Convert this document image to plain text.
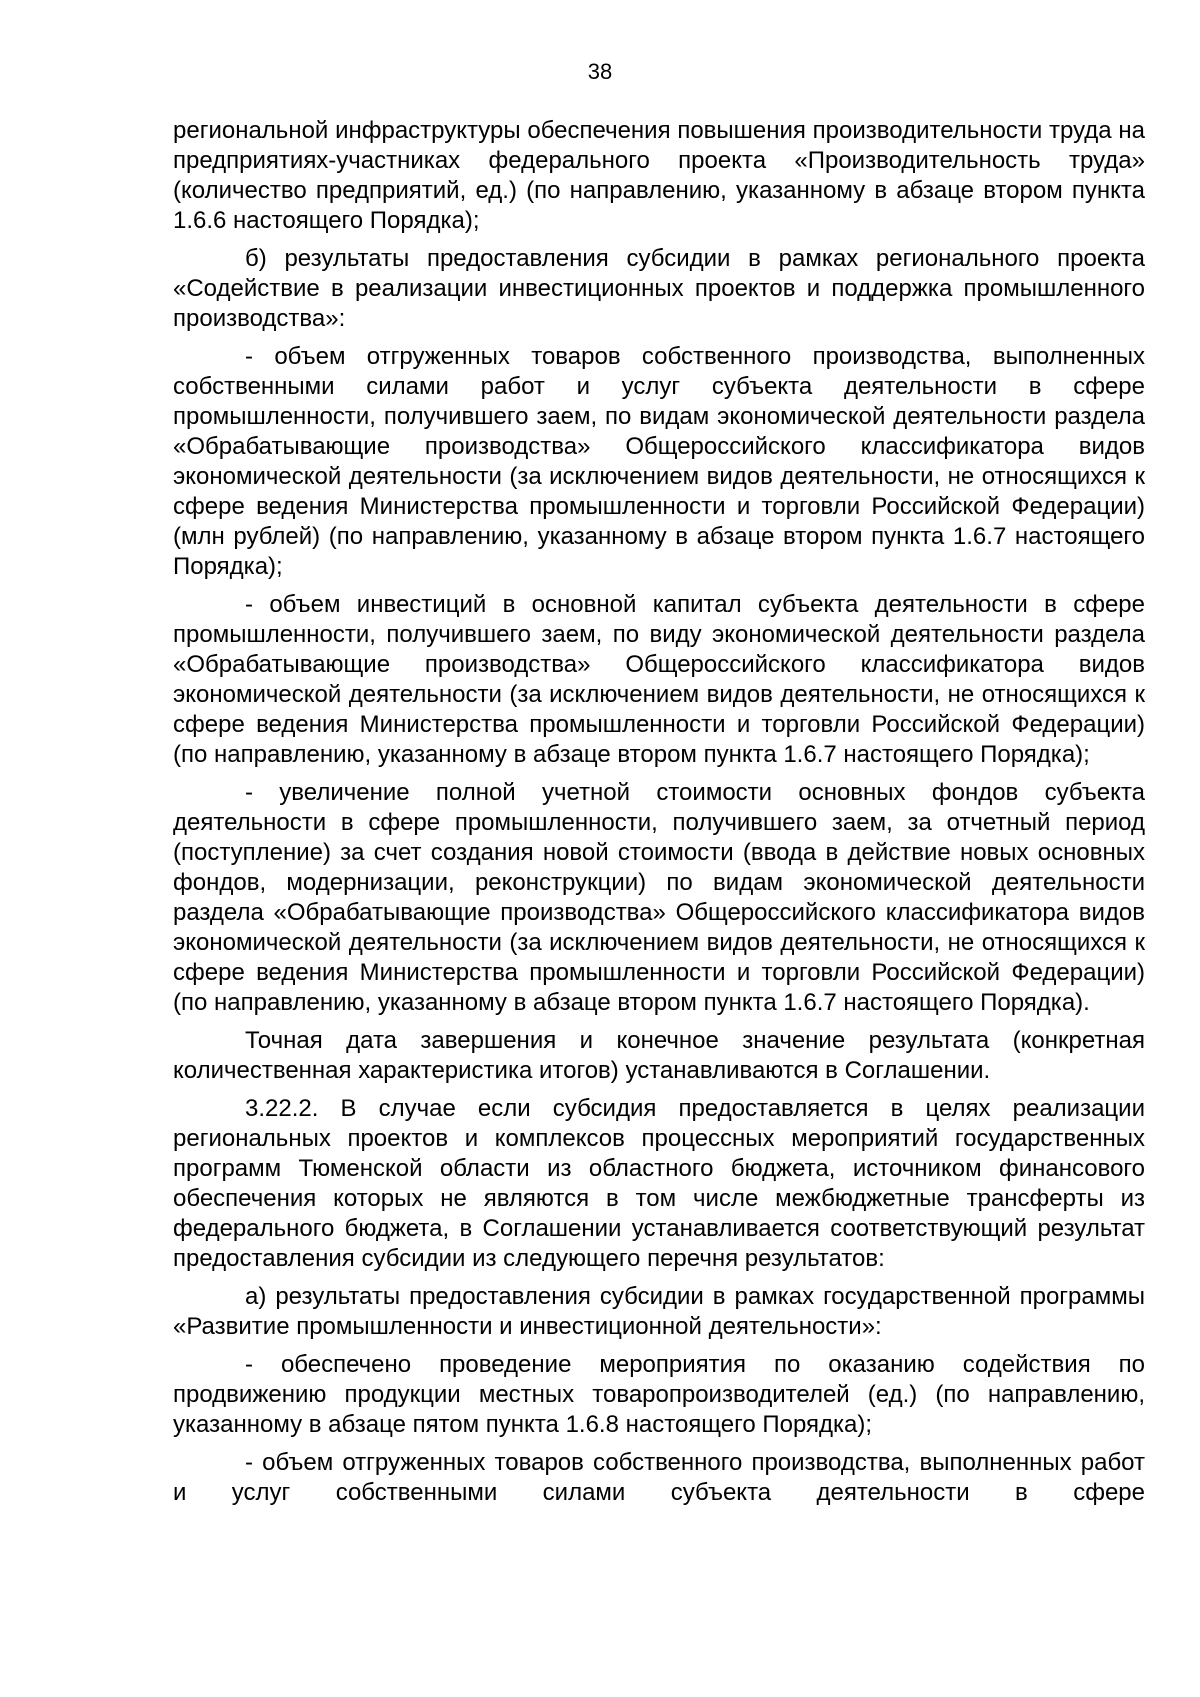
38

региональной инфраструктуры обеспечения повышения производительности труда на предприятиях-участниках федерального проекта «Производительность труда» (количество предприятий, ед.) (по направлению, указанному в абзаце втором пункта 1.6.6 настоящего Порядка);

б) результаты предоставления субсидии в рамках регионального проекта «Содействие в реализации инвестиционных проектов и поддержка промышленного производства»:

- объем отгруженных товаров собственного производства, выполненных собственными силами работ и услуг субъекта деятельности в сфере промышленности, получившего заем, по видам экономической деятельности раздела «Обрабатывающие производства» Общероссийского классификатора видов экономической деятельности (за исключением видов деятельности, не относящихся к сфере ведения Министерства промышленности и торговли Российской Федерации) (млн рублей) (по направлению, указанному в абзаце втором пункта 1.6.7 настоящего Порядка);

- объем инвестиций в основной капитал субъекта деятельности в сфере промышленности, получившего заем, по виду экономической деятельности раздела «Обрабатывающие производства» Общероссийского классификатора видов экономической деятельности (за исключением видов деятельности, не относящихся к сфере ведения Министерства промышленности и торговли Российской Федерации) (по направлению, указанному в абзаце втором пункта 1.6.7 настоящего Порядка);

- увеличение полной учетной стоимости основных фондов субъекта деятельности в сфере промышленности, получившего заем, за отчетный период (поступление) за счет создания новой стоимости (ввода в действие новых основных фондов, модернизации, реконструкции) по видам экономической деятельности раздела «Обрабатывающие производства» Общероссийского классификатора видов экономической деятельности (за исключением видов деятельности, не относящихся к сфере ведения Министерства промышленности и торговли Российской Федерации) (по направлению, указанному в абзаце втором пункта 1.6.7 настоящего Порядка).

Точная дата завершения и конечное значение результата (конкретная количественная характеристика итогов) устанавливаются в Соглашении.

3.22.2. В случае если субсидия предоставляется в целях реализации региональных проектов и комплексов процессных мероприятий государственных программ Тюменской области из областного бюджета, источником финансового обеспечения которых не являются в том числе межбюджетные трансферты из федерального бюджета, в Соглашении устанавливается соответствующий результат предоставления субсидии из следующего перечня результатов:

а) результаты предоставления субсидии в рамках государственной программы «Развитие промышленности и инвестиционной деятельности»:

- обеспечено проведение мероприятия по оказанию содействия по продвижению продукции местных товаропроизводителей (ед.) (по направлению, указанному в абзаце пятом пункта 1.6.8 настоящего Порядка);

- объем отгруженных товаров собственного производства, выполненных работ и услуг собственными силами субъекта деятельности в сфере
